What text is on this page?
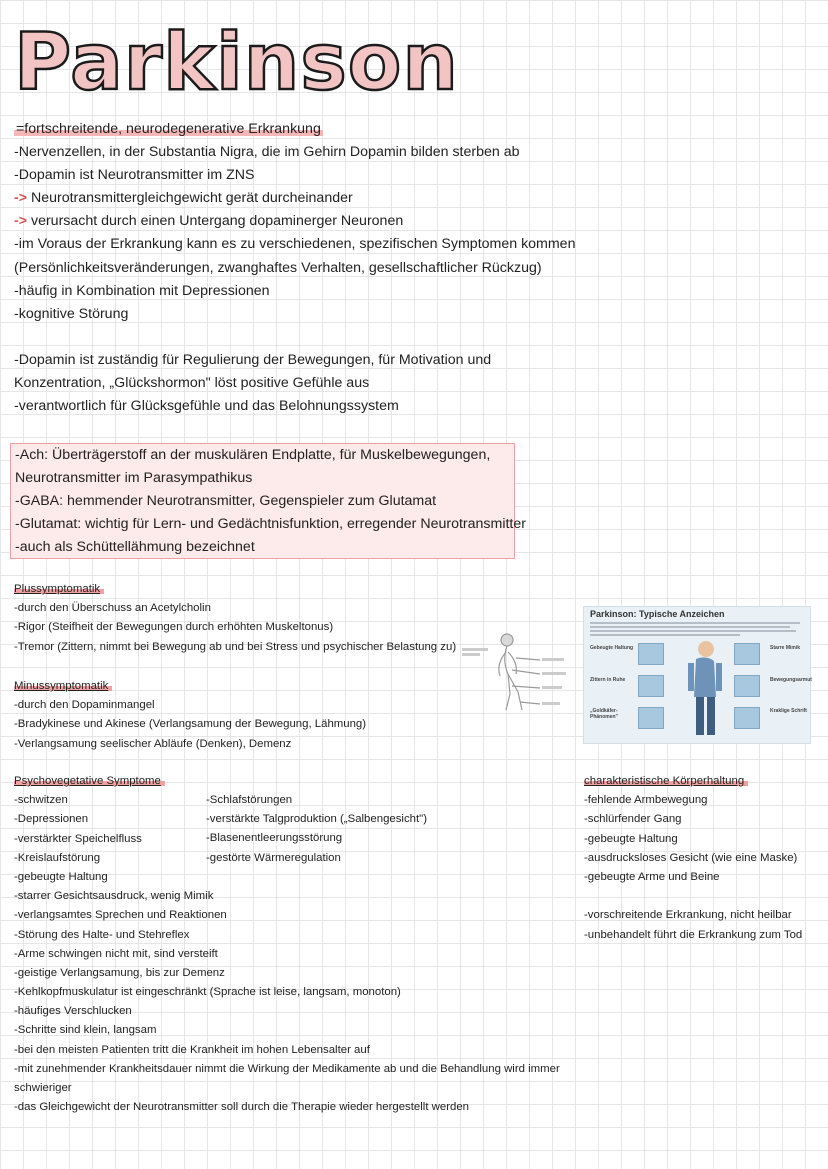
Parkinson
=fortschreitende, neurodegenerative Erkrankung
-Nervenzellen, in der Substantia Nigra, die im Gehirn Dopamin bilden sterben ab
-Dopamin ist Neurotransmitter im ZNS
-> Neurotransmittergleichgewicht gerät durcheinander
-> verursacht durch einen Untergang dopaminerger Neuronen
-im Voraus der Erkrankung kann es zu verschiedenen, spezifischen Symptomen kommen
(Persönlichkeitsveränderungen, zwanghaftes Verhalten, gesellschaftlicher Rückzug)
-häufig in Kombination mit Depressionen
-kognitive Störung
-Dopamin ist zuständig für Regulierung der Bewegungen, für Motivation und
Konzentration, „Glückshormon" löst positive Gefühle aus
-verantwortlich für Glücksgefühle und das Belohnungssystem
-Ach: Überträgerstoff an der muskulären Endplatte, für Muskelbewegungen,
Neurotransmitter im Parasympathikus
-GABA: hemmender Neurotransmitter, Gegenspieler zum Glutamat
-Glutamat: wichtig für Lern- und Gedächtnisfunktion, erregender Neurotransmitter
-auch als Schüttellähmung bezeichnet
Plussymptomatik
-durch den Überschuss an Acetylcholin
-Rigor (Steifheit der Bewegungen durch erhöhten Muskeltonus)
-Tremor (Zittern, nimmt bei Bewegung ab und bei Stress und psychischer Belastung zu)
Minussymptomatik
-durch den Dopaminmangel
-Bradykinese und Akinese (Verlangsamung der Bewegung, Lähmung)
-Verlangsamung seelischer Abläufe (Denken), Demenz
Parkinson: Typische Anzeichen
Gebeugte Haltung
Zittern in Ruhe
„Goldkäfer-Phänomen"
Starre Mimik
Bewegungsarmut
Kraklige Schrift
Psychovegetative Symptome
-schwitzen
-Depressionen
-verstärkter Speichelfluss
-Kreislaufstörung
-gebeugte Haltung
-starrer Gesichtsausdruck, wenig Mimik
-verlangsamtes Sprechen und Reaktionen
-Störung des Halte- und Stehreflex
-Arme schwingen nicht mit, sind versteift
-geistige Verlangsamung, bis zur Demenz
-Kehlkopfmuskulatur ist eingeschränkt (Sprache ist leise, langsam, monoton)
-häufiges Verschlucken
-Schritte sind klein, langsam
-bei den meisten Patienten tritt die Krankheit im hohen Lebensalter auf
-mit zunehmender Krankheitsdauer nimmt die Wirkung der Medikamente ab und die Behandlung wird immer
schwieriger
-das Gleichgewicht der Neurotransmitter soll durch die Therapie wieder hergestellt werden
-Schlafstörungen
-verstärkte Talgproduktion („Salbengesicht")
-Blasenentleerungsstörung
-gestörte Wärmeregulation
charakteristische Körperhaltung
-fehlende Armbewegung
-schlürfender Gang
-gebeugte Haltung
-ausdrucksloses Gesicht (wie eine Maske)
-gebeugte Arme und Beine
-vorschreitende Erkrankung, nicht heilbar
-unbehandelt führt die Erkrankung zum Tod
